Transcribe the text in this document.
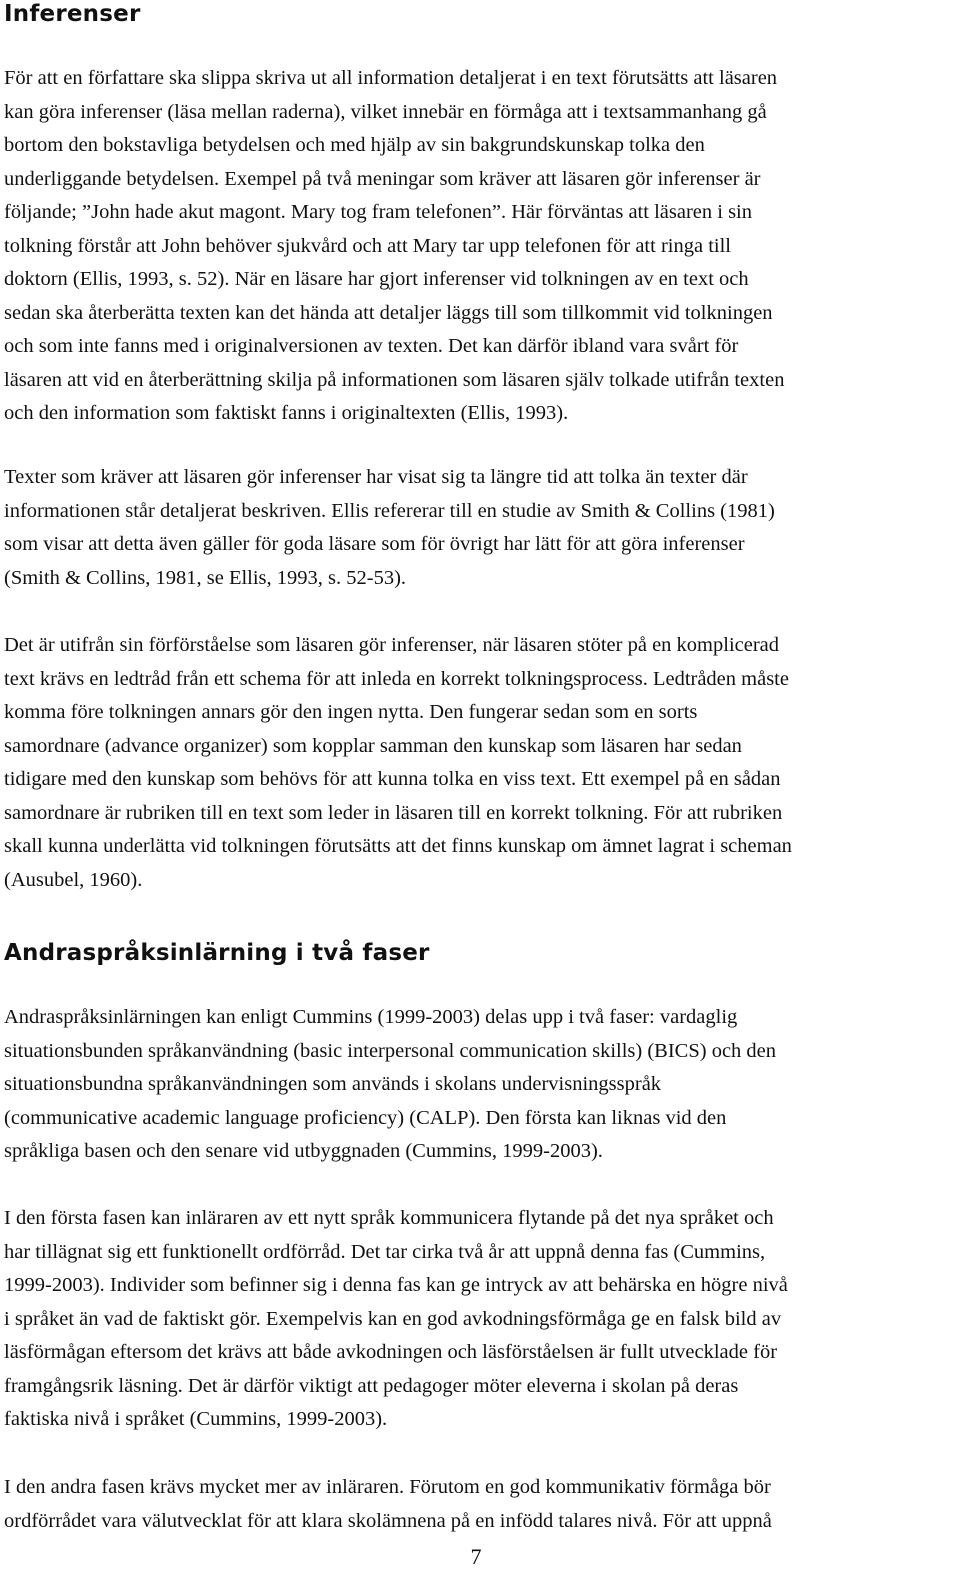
Inferenser

För att en författare ska slippa skriva ut all information detaljerat i en text förutsätts att läsaren
kan göra inferenser (läsa mellan raderna), vilket innebär en förmåga att i textsammanhang gå
bortom den bokstavliga betydelsen och med hjälp av sin bakgrundskunskap tolka den
underliggande betydelsen. Exempel på två meningar som kräver att läsaren gör inferenser är
följande; ”John hade akut magont. Mary tog fram telefonen”. Här förväntas att läsaren i sin
tolkning förstår att John behöver sjukvård och att Mary tar upp telefonen för att ringa till
doktorn (Ellis, 1993, s. 52). När en läsare har gjort inferenser vid tolkningen av en text och
sedan ska återberätta texten kan det hända att detaljer läggs till som tillkommit vid tolkningen
och som inte fanns med i originalversionen av texten. Det kan därför ibland vara svårt för
läsaren att vid en återberättning skilja på informationen som läsaren själv tolkade utifrån texten
och den information som faktiskt fanns i originaltexten (Ellis, 1993).

Texter som kräver att läsaren gör inferenser har visat sig ta längre tid att tolka än texter där
informationen står detaljerat beskriven. Ellis refererar till en studie av Smith & Collins (1981)
som visar att detta även gäller för goda läsare som för övrigt har lätt för att göra inferenser
(Smith & Collins, 1981, se Ellis, 1993, s. 52-53).

Det är utifrån sin förförståelse som läsaren gör inferenser, när läsaren stöter på en komplicerad
text krävs en ledtråd från ett schema för att inleda en korrekt tolkningsprocess. Ledtråden måste
komma före tolkningen annars gör den ingen nytta. Den fungerar sedan som en sorts
samordnare (advance organizer) som kopplar samman den kunskap som läsaren har sedan
tidigare med den kunskap som behövs för att kunna tolka en viss text. Ett exempel på en sådan
samordnare är rubriken till en text som leder in läsaren till en korrekt tolkning. För att rubriken
skall kunna underlätta vid tolkningen förutsätts att det finns kunskap om ämnet lagrat i scheman
(Ausubel, 1960).

Andraspråksinlärning i två faser

Andraspråksinlärningen kan enligt Cummins (1999-2003) delas upp i två faser: vardaglig
situationsbunden språkanvändning (basic interpersonal communication skills) (BICS) och den
situationsbundna språkanvändningen som används i skolans undervisningsspråk
(communicative academic language proficiency) (CALP). Den första kan liknas vid den
språkliga basen och den senare vid utbyggnaden (Cummins, 1999-2003).

I den första fasen kan inläraren av ett nytt språk kommunicera flytande på det nya språket och
har tillägnat sig ett funktionellt ordförråd. Det tar cirka två år att uppnå denna fas (Cummins,
1999-2003). Individer som befinner sig i denna fas kan ge intryck av att behärska en högre nivå
i språket än vad de faktiskt gör. Exempelvis kan en god avkodningsförmåga ge en falsk bild av
läsförmågan eftersom det krävs att både avkodningen och läsförståelsen är fullt utvecklade för
framgångsrik läsning. Det är därför viktigt att pedagoger möter eleverna i skolan på deras
faktiska nivå i språket (Cummins, 1999-2003).

I den andra fasen krävs mycket mer av inläraren. Förutom en god kommunikativ förmåga bör
ordförrådet vara välutvecklat för att klara skolämnena på en infödd talares nivå. För att uppnå

7
